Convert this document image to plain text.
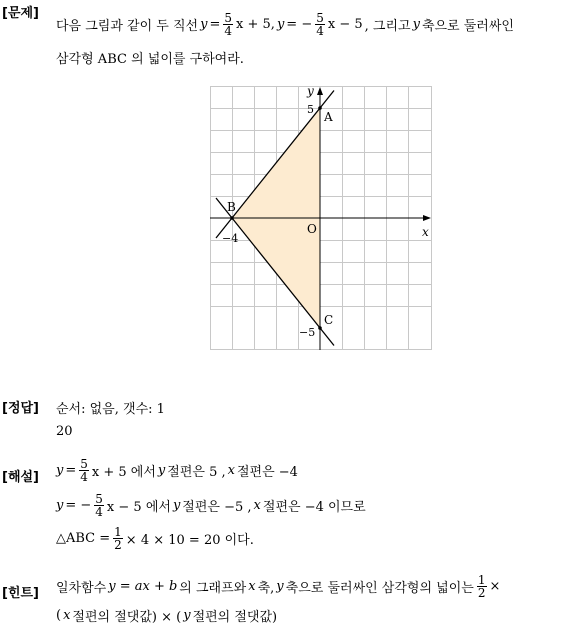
[문제]
다음 그림과 같이 두 직선 $y = \frac{5}{4}$ x + 5, y = − $\frac{5}{4}$ x − 5 , 그리고 y 축으로 둘러싸인
삼각형 ABC 의 넓이를 구하여라.
x
y
O
A
B
C
5
−4
−5
[정답] 순서: 없음, 갯수: 1
20
[해설] $y = \frac{5}{4}$ x + 5 에서 y 절편은 5 , x 절편은 −4
y = − $\frac{5}{4}$ x − 5 에서 y 절편은 −5 , x 절편은 −4 이므로
△ABC = $\frac{1}{2} \times 4 \times 10 = 20$ 이다.
[힌트] 일차함수 y = ax + b 의 그래프와 x 축, y 축으로 둘러싸인 삼각형의 넓이는 $\frac{1}{2}$ ×
( x 절편의 절댓값) × ( y 절편의 절댓값)
